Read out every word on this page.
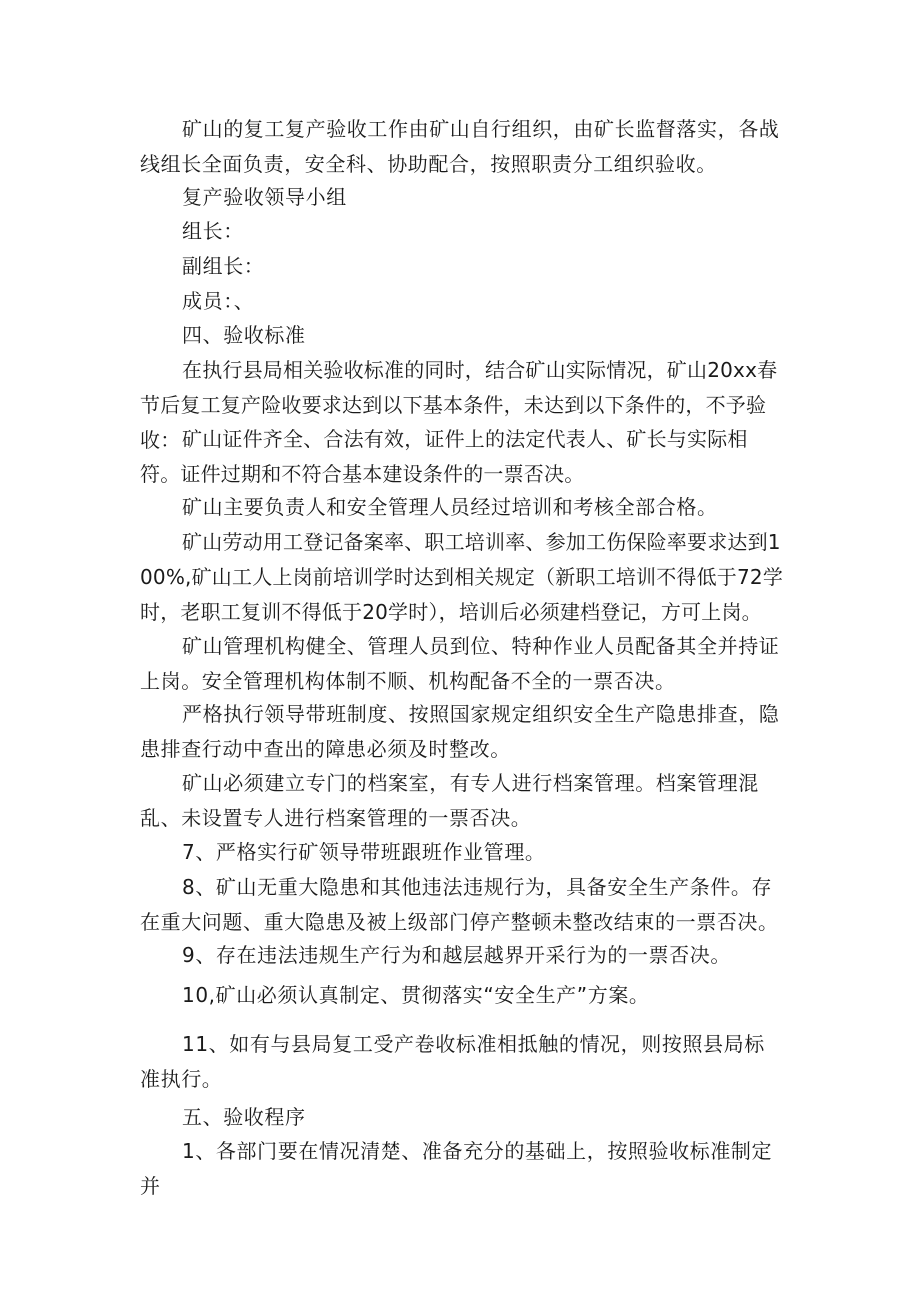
矿山的复工复产验收工作由矿山自行组织，由矿长监督落实，各战线组长全面负责，安全科、协助配合，按照职责分工组织验收。

复产验收领导小组

组长：

副组长：

成员：、

四、验收标准

在执行县局相关验收标准的同时，结合矿山实际情况，矿山20xx春节后复工复产险收要求达到以下基本条件，未达到以下条件的，不予验收： 矿山证件齐全、合法有效，证件上的法定代表人、矿长与实际相符。证件过期和不符合基本建设条件的一票否决。

矿山主要负责人和安全管理人员经过培训和考核全部合格。

矿山劳动用工登记备案率、职工培训率、参加工伤保险率要求达到100%,矿山工人上岗前培训学时达到相关规定（新职工培训不得低于72学时，老职工复训不得低于20学时），培训后必须建档登记，方可上岗。

矿山管理机构健全、管理人员到位、特种作业人员配备其全并持证上岗。安全管理机构体制不顺、机构配备不全的一票否决。

严格执行领导带班制度、按照国家规定组织安全生产隐患排查，隐患排查行动中查出的障患必须及时整改。

矿山必须建立专门的档案室，有专人进行档案管理。档案管理混乱、未设置专人进行档案管理的一票否决。

7、严格实行矿领导带班跟班作业管理。

8、矿山无重大隐患和其他违法违规行为，具备安全生产条件。存在重大问题、重大隐患及被上级部门停产整顿未整改结束的一票否决。

9、存在违法违规生产行为和越层越界开采行为的一票否决。

10,矿山必须认真制定、贯彻落实“安全生产”方案。

11、如有与县局复工受产卷收标准相抵触的情况，则按照县局标准执行。

五、验收程序

1、各部门要在情况清楚、准备充分的基础上，按照验收标准制定并
